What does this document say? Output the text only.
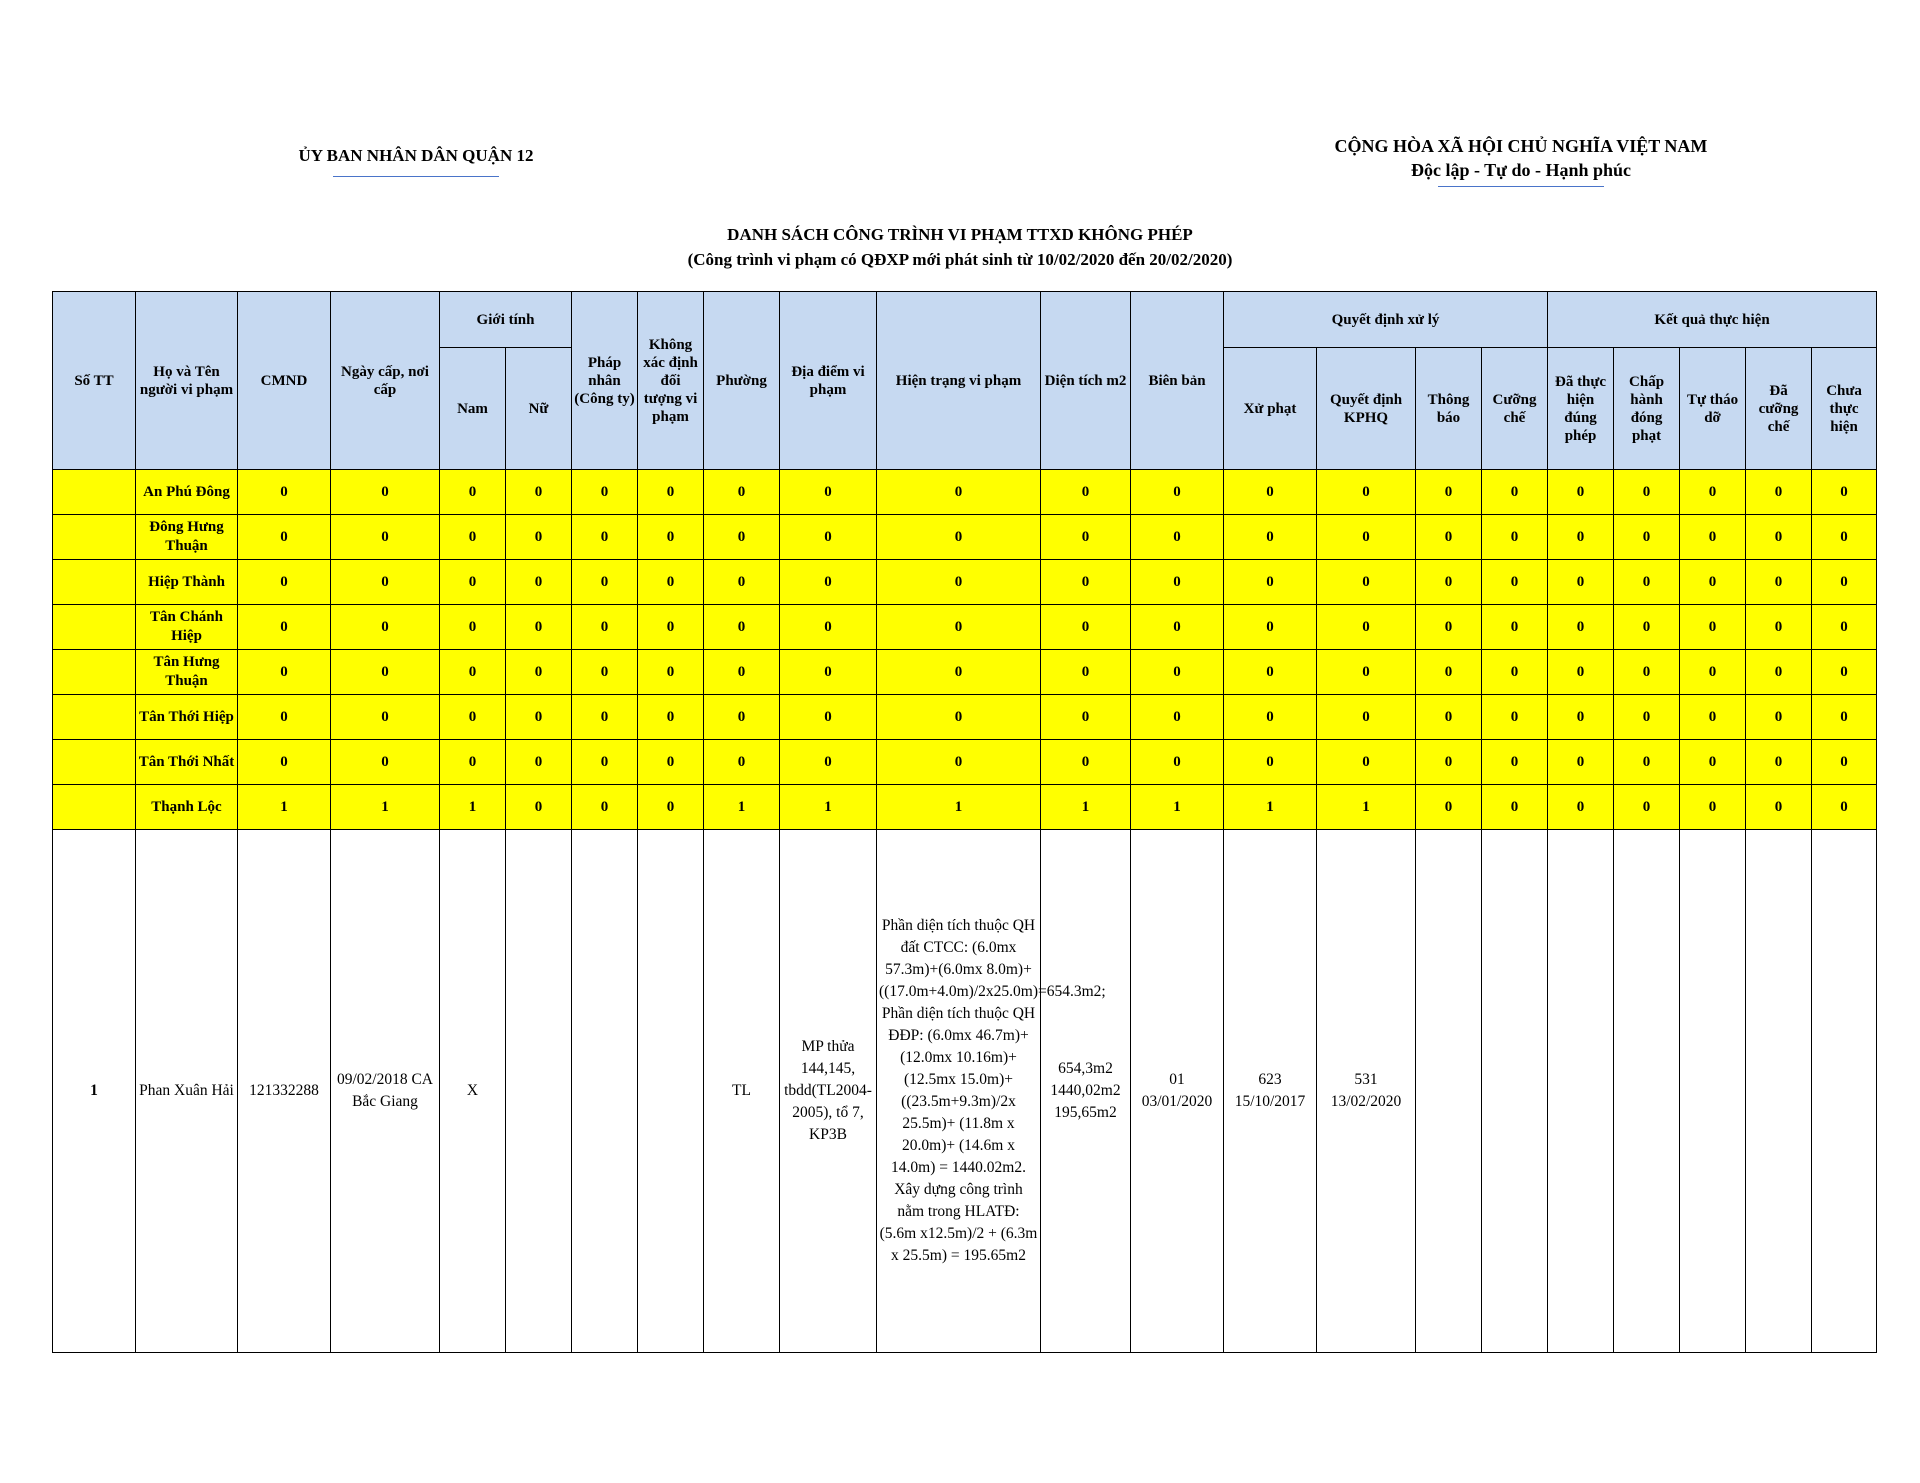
ỦY BAN NHÂN DÂN QUẬN 12	CỘNG HÒA XÃ HỘI CHỦ NGHĨA VIỆT NAM
Độc lập - Tự do - Hạnh phúc
DANH SÁCH CÔNG TRÌNH VI PHẠM TTXD KHÔNG PHÉP
(Công trình vi phạm có QĐXP mới phát sinh từ 10/02/2020 đến 20/02/2020)
Số TT	Họ và Tên người vi phạm	CMND	Ngày cấp, nơi cấp	Giới tính		Pháp nhân (Công ty)	Không xác định đối tượng vi phạm	Phường	Địa điểm vi phạm	Hiện trạng vi phạm	Diện tích m2	Biên bản	Quyết định xử lý				Kết quả thực hiện				
				Nam	Nữ								Xử phạt	Quyết định KPHQ	Thông báo	Cưỡng chế	Đã thực hiện đúng phép	Chấp hành đóng phạt	Tự tháo dỡ	Đã cưỡng chế	Chưa thực hiện
	An Phú Đông	0	0	0	0	0	0	0	0	0	0	0	0	0	0	0	0	0	0	0	0
	Đông Hưng Thuận	0	0	0	0	0	0	0	0	0	0	0	0	0	0	0	0	0	0	0	0
	Hiệp Thành	0	0	0	0	0	0	0	0	0	0	0	0	0	0	0	0	0	0	0	0
	Tân Chánh Hiệp	0	0	0	0	0	0	0	0	0	0	0	0	0	0	0	0	0	0	0	0
	Tân Hưng Thuận	0	0	0	0	0	0	0	0	0	0	0	0	0	0	0	0	0	0	0	0
	Tân Thới Hiệp	0	0	0	0	0	0	0	0	0	0	0	0	0	0	0	0	0	0	0	0
	Tân Thới Nhất	0	0	0	0	0	0	0	0	0	0	0	0	0	0	0	0	0	0	0	0
	Thạnh Lộc	1	1	1	0	0	0	1	1	1	1	1	1	1	0	0	0	0	0	0	0
1	Phan Xuân Hải	121332288	09/02/2018 CA Bắc Giang	X				TL	MP thửa 144,145, tbdd(TL2004-2005), tổ 7, KP3B	Phần diện tích thuộc QH đất CTCC: (6.0mx 57.3m)+(6.0mx 8.0m)+((17.0m+4.0m)/2x25.0m)=654.3m2; Phần diện tích thuộc QH ĐĐP: (6.0mx 46.7m)+(12.0mx 10.16m)+(12.5mx 15.0m)+((23.5m+9.3m)/2x 25.5m)+ (11.8m x 20.0m)+ (14.6m x 14.0m) = 1440.02m2. Xây dựng công trình nằm trong HLATĐ: (5.6m x12.5m)/2 + (6.3m x 25.5m) = 195.65m2	654,3m2 1440,02m2 195,65m2	01 03/01/2020	623 15/10/2017	531 13/02/2020							
